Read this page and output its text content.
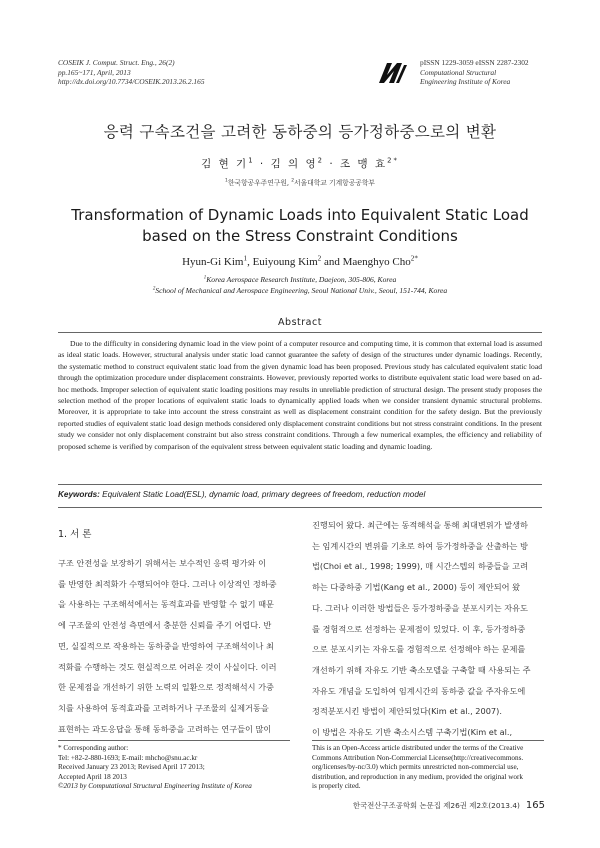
COSEIK J. Comput. Struct. Eng., 26(2)
pp.165~171, April, 2013
http://dx.doi.org/10.7734/COSEIK.2013.26.2.165
pISSN 1229-3059 eISSN 2287-2302
Computational Structural
Engineering Institute of Korea
응력 구속조건을 고려한 동하중의 등가정하중으로의 변환
김 현 기$^1$ · 김 의 영$^2$ · 조 맹 효$^{2*}$
$^1$한국항공우주연구원, $^2$서울대학교 기계항공공학부
Transformation of Dynamic Loads into Equivalent Static Load
based on the Stress Constraint Conditions
Hyun-Gi Kim$^1$, Euiyoung Kim$^2$ and Maenghyo Cho$^{2*}$
$^1$Korea Aerospace Research Institute, Daejeon, 305-806, Korea
$^2$School of Mechanical and Aerospace Engineering, Seoul National Univ., Seoul, 151-744, Korea
Abstract
Due to the difficulty in considering dynamic load in the view point of a computer resource and computing time, it is common that external load is assumed as ideal static loads. However, structural analysis under static load cannot guarantee the safety of design of the structures under dynamic loadings. Recently, the systematic method to construct equivalent static load from the given dynamic load has been proposed. Previous study has calculated equivalent static load through the optimization procedure under displacement constraints. However, previously reported works to distribute equivalent static load were based on ad-hoc methods. Improper selection of equivalent static loading positions may results in unreliable prediction of structural design. The present study proposes the selection method of the proper locations of equivalent static loads to dynamically applied loads when we consider transient dynamic structural problems. Moreover, it is appropriate to take into account the stress constraint as well as displacement constraint condition for the safety design. But the previously reported studies of equivalent static load design methods considered only displacement constraint conditions but not stress constraint conditions. In the present study we consider not only displacement constraint but also stress constraint conditions. Through a few numerical examples, the efficiency and reliability of proposed scheme is verified by comparison of the equivalent stress between equivalent static loading and dynamic loading.
Keywords: Equivalent Static Load(ESL), dynamic load, primary degrees of freedom, reduction model
1. 서 론
구조 안전성을 보장하기 위해서는 보수적인 응력 평가와 이
를 반영한 최적화가 수행되어야 한다. 그러나 이상적인 정하중
을 사용하는 구조해석에서는 동적효과를 반영할 수 없기 때문
에 구조물의 안전성 측면에서 충분한 신뢰를 주기 어렵다. 반
면, 실질적으로 작용하는 동하중을 반영하여 구조해석이나 최
적화를 수행하는 것도 현실적으로 어려운 것이 사실이다. 이러
한 문제점을 개선하기 위한 노력의 일환으로 정적해석시 가중
치를 사용하여 동적효과를 고려하거나 구조물의 실제거동을
표현하는 과도응답을 통해 동하중을 고려하는 연구들이 많이
진행되어 왔다. 최근에는 동적해석을 통해 최대변위가 발생하
는 임계시간의 변위를 기초로 하여 등가정하중을 산출하는 방
법(Choi et al., 1998; 1999), 매 시간스텝의 하중들을 고려
하는 다중하중 기법(Kang et al., 2000) 등이 제안되어 왔
다. 그러나 이러한 방법들은 등가정하중을 분포시키는 자유도
를 경험적으로 선정하는 문제점이 있었다. 이 후, 등가정하중
으로 분포시키는 자유도를 경험적으로 선정해야 하는 문제를
개선하기 위해 자유도 기반 축소모델을 구축할 때 사용되는 주
자유도 개념을 도입하여 임계시간의 동하중 값을 주자유도에
정적분포시킨 방법이 제안되었다(Kim et al., 2007).
이 방법은 자유도 기반 축소시스템 구축기법(Kim et al.,
* Corresponding author:
Tel: +82-2-880-1693; E-mail: mhcho@snu.ac.kr
Received January 23 2013; Revised April 17 2013;
Accepted April 18 2013
©2013 by Computational Structural Engineering Institute of Korea
This is an Open-Access article distributed under the terms of the Creative
Commons Attribution Non-Commercial License(http://creativecommons.
org/licenses/by-nc/3.0) which permits unrestricted non-commercial use,
distribution, and reproduction in any medium, provided the original work
is properly cited.
한국전산구조공학회 논문집 제26권 제2호(2013.4) 165
